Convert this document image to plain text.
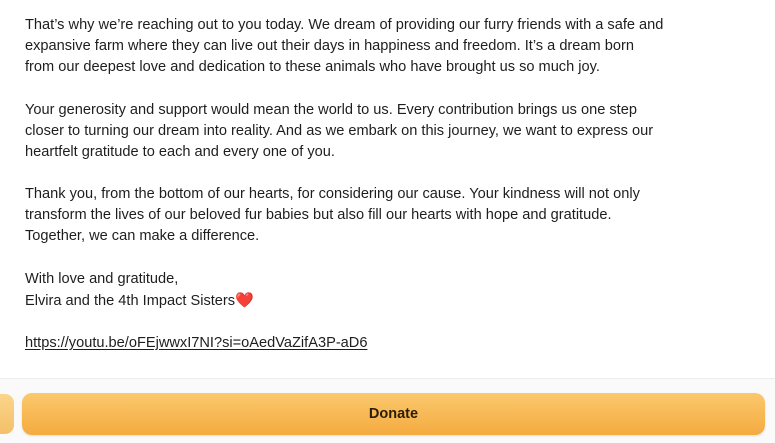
That’s why we’re reaching out to you today. We dream of providing our furry friends with a safe and expansive farm where they can live out their days in happiness and freedom. It’s a dream born from our deepest love and dedication to these animals who have brought us so much joy.

Your generosity and support would mean the world to us. Every contribution brings us one step closer to turning our dream into reality. And as we embark on this journey, we want to express our heartfelt gratitude to each and every one of you.

Thank you, from the bottom of our hearts, for considering our cause. Your kindness will not only transform the lives of our beloved fur babies but also fill our hearts with hope and gratitude. Together, we can make a difference.

With love and gratitude,
Elvira and the 4th Impact Sisters❤️

https://youtu.be/oFEjwwxI7NI?si=oAedVaZifA3P-aD6

Donate
